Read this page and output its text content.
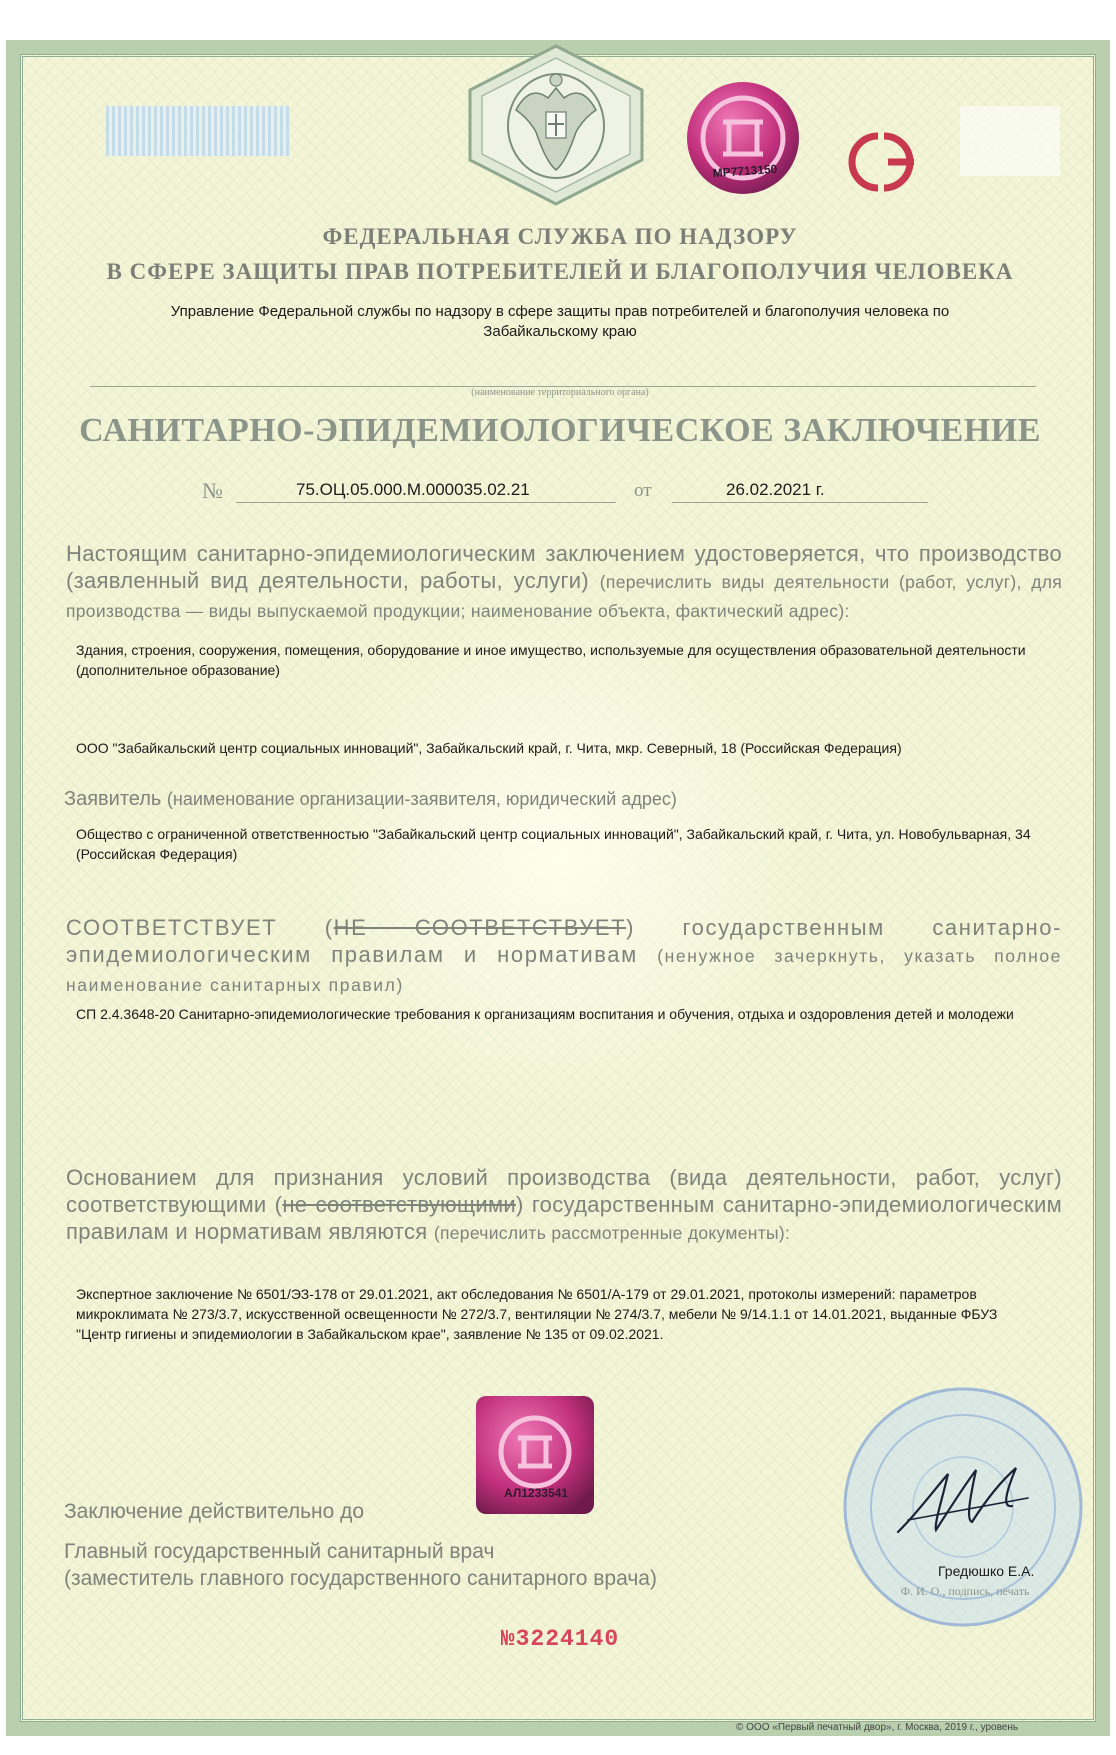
МР7713150
ФЕДЕРАЛЬНАЯ СЛУЖБА ПО НАДЗОРУ
В СФЕРЕ ЗАЩИТЫ ПРАВ ПОТРЕБИТЕЛЕЙ И БЛАГОПОЛУЧИЯ ЧЕЛОВЕКА
Управление Федеральной службы по надзору в сфере защиты прав потребителей и благополучия человека по
Забайкальскому краю
(наименование территориального органа)
САНИТАРНО-ЭПИДЕМИОЛОГИЧЕСКОЕ ЗАКЛЮЧЕНИЕ
№	75.ОЦ.05.000.М.000035.02.21	от	26.02.2021 г.
Настоящим санитарно-эпидемиологическим заключением удостоверяется, что производство (заявленный вид деятельности, работы, услуги) (перечислить виды деятельности (работ, услуг), для производства — виды выпускаемой продукции; наименование объекта, фактический адрес):
Здания, строения, сооружения, помещения, оборудование и иное имущество, используемые для осуществления образовательной деятельности (дополнительное образование)
ООО "Забайкальский центр социальных инноваций", Забайкальский край, г. Чита, мкр. Северный, 18 (Российская Федерация)
Заявитель (наименование организации-заявителя, юридический адрес)
Общество с ограниченной ответственностью "Забайкальский центр социальных инноваций", Забайкальский край, г. Чита, ул. Новобульварная, 34 (Российская Федерация)
СООТВЕТСТВУЕТ (НЕ СООТВЕТСТВУЕТ) государственным санитарно-эпидемиологическим правилам и нормативам (ненужное зачеркнуть, указать полное наименование санитарных правил)
СП 2.4.3648-20 Санитарно-эпидемиологические требования к организациям воспитания и обучения, отдыха и оздоровления детей и молодежи
Основанием для признания условий производства (вида деятельности, работ, услуг) соответствующими (не соответствующими) государственным санитарно-эпидемиологическим правилам и нормативам являются (перечислить рассмотренные документы):
Экспертное заключение № 6501/ЭЗ-178 от 29.01.2021, акт обследования № 6501/А-179 от 29.01.2021, протоколы измерений: параметров микроклимата № 273/3.7, искусственной освещенности № 272/3.7, вентиляции № 274/3.7, мебели № 9/14.1.1 от 14.01.2021, выданные ФБУЗ "Центр гигиены и эпидемиологии в Забайкальском крае", заявление № 135 от 09.02.2021.
АЛ1233541
Заключение действительно до
Главный государственный санитарный врач
(заместитель главного государственного санитарного врача)	Гредюшко Е.А.
Ф. И. О., подпись, печать
№3224140
© ООО «Первый печатный двор», г. Москва, 2019 г., уровень
